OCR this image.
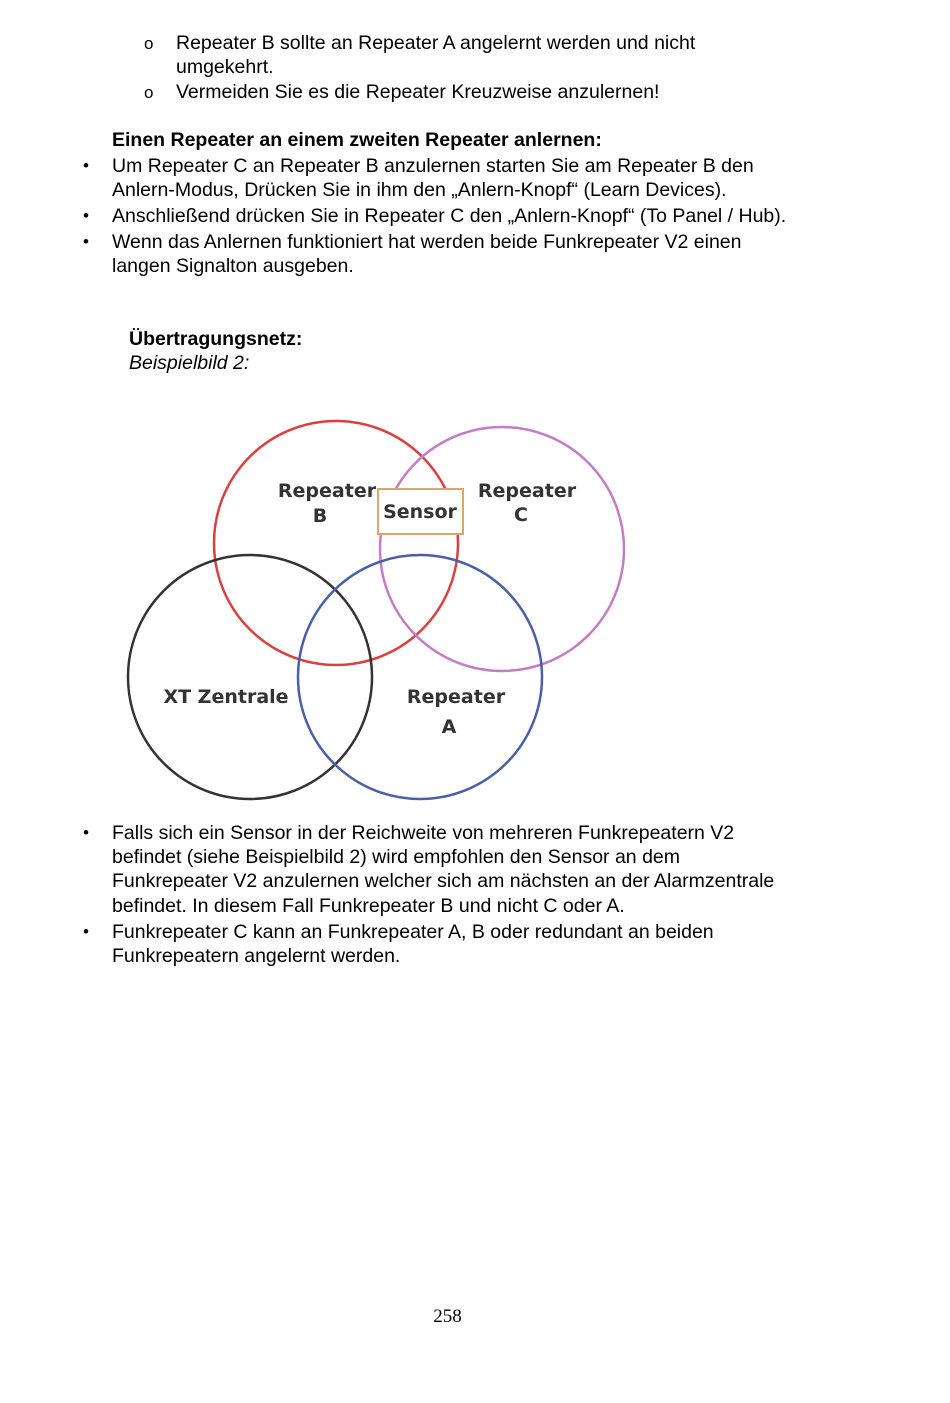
o Repeater B sollte an Repeater A angelernt werden und nicht
umgekehrt.
o Vermeiden Sie es die Repeater Kreuzweise anzulernen!
Einen Repeater an einem zweiten Repeater anlernen:
• Um Repeater C an Repeater B anzulernen starten Sie am Repeater B den
Anlern-Modus, Drücken Sie in ihm den „Anlern-Knopf“ (Learn Devices).
• Anschließend drücken Sie in Repeater C den „Anlern-Knopf“ (To Panel / Hub).
• Wenn das Anlernen funktioniert hat werden beide Funkrepeater V2 einen
langen Signalton ausgeben.
Übertragungsnetz:
Beispielbild 2:
Repeater
B	Sensor
Repeater
C
XT Zentrale	Repeater
A
• Falls sich ein Sensor in der Reichweite von mehreren Funkrepeatern V2
befindet (siehe Beispielbild 2) wird empfohlen den Sensor an dem
Funkrepeater V2 anzulernen welcher sich am nächsten an der Alarmzentrale
befindet. In diesem Fall Funkrepeater B und nicht C oder A.
• Funkrepeater C kann an Funkrepeater A, B oder redundant an beiden
Funkrepeatern angelernt werden.
258
